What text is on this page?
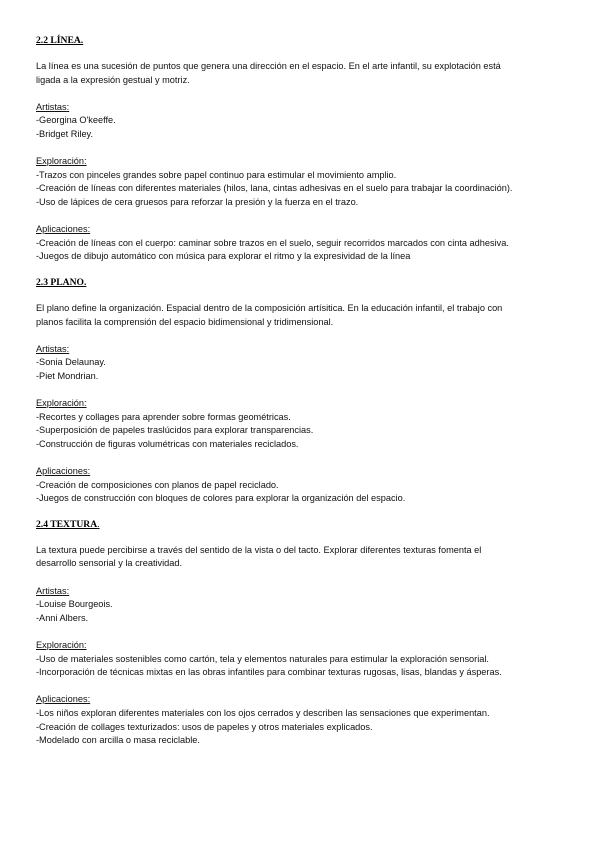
2.2 LÍNEA.

La línea es una sucesión de puntos que genera una dirección en el espacio. En el arte infantil, su explotación está

ligada a la expresión gestual y motriz.

Artistas:

-Georgina O'keeffe.

-Bridget Riley.

Exploración:

-Trazos con pinceles grandes sobre papel continuo para estimular el movimiento amplio.

-Creación de líneas con diferentes materiales (hilos, lana, cintas adhesivas en el suelo para trabajar la coordinación).

-Uso de lápices de cera gruesos para reforzar la presión y la fuerza en el trazo.

Aplicaciones:

-Creación de líneas con el cuerpo: caminar sobre trazos en el suelo, seguir recorridos marcados con cinta adhesiva.

-Juegos de dibujo automático con música para explorar el ritmo y la expresividad de la línea

2.3 PLANO.

El plano define la organización. Espacial dentro de la composición artísitica. En la educación infantil, el trabajo con

planos facilita la comprensión del espacio bidimensional y tridimensional.

Artistas:

-Sonia Delaunay.

-Piet Mondrian.

Exploración:

-Recortes y collages para aprender sobre formas geométricas.

-Superposición de papeles traslúcidos para explorar transparencias.

-Construcción de figuras volumétricas con materiales reciclados.

Aplicaciones:

-Creación de composiciones con planos de papel reciclado.

-Juegos de construcción con bloques de colores para explorar la organización del espacio.

2.4 TEXTURA.

La textura puede percibirse a través del sentido de la vista o del tacto. Explorar diferentes texturas fomenta el

desarrollo sensorial y la creatividad.

Artistas:

-Louise Bourgeois.

-Anni Albers.

Exploración:

-Uso de materiales sostenibles como cartón, tela y elementos naturales para estimular la exploración sensorial.

-Incorporación de técnicas mixtas en las obras infantiles para combinar texturas rugosas, lisas, blandas y ásperas.

Aplicaciones:

-Los niños exploran diferentes materiales con los ojos cerrados y describen las sensaciones que experimentan.

-Creación de collages texturizados: usos de papeles y otros materiales explicados.

-Modelado con arcilla o masa reciclable.
